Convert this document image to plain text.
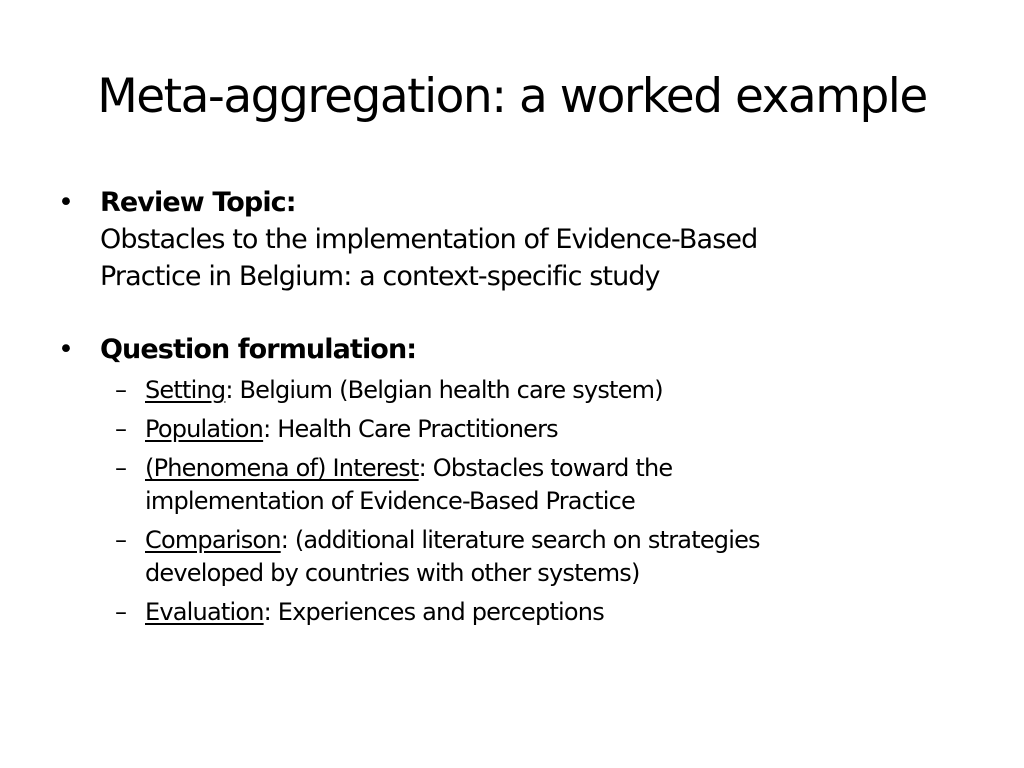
Meta-aggregation: a worked example
• Review Topic:
Obstacles to the implementation of Evidence-Based
Practice in Belgium: a context-specific study
• Question formulation:
– Setting: Belgium (Belgian health care system)
– Population: Health Care Practitioners
– (Phenomena of) Interest: Obstacles toward the
implementation of Evidence-Based Practice
– Comparison: (additional literature search on strategies
developed by countries with other systems)
– Evaluation: Experiences and perceptions
